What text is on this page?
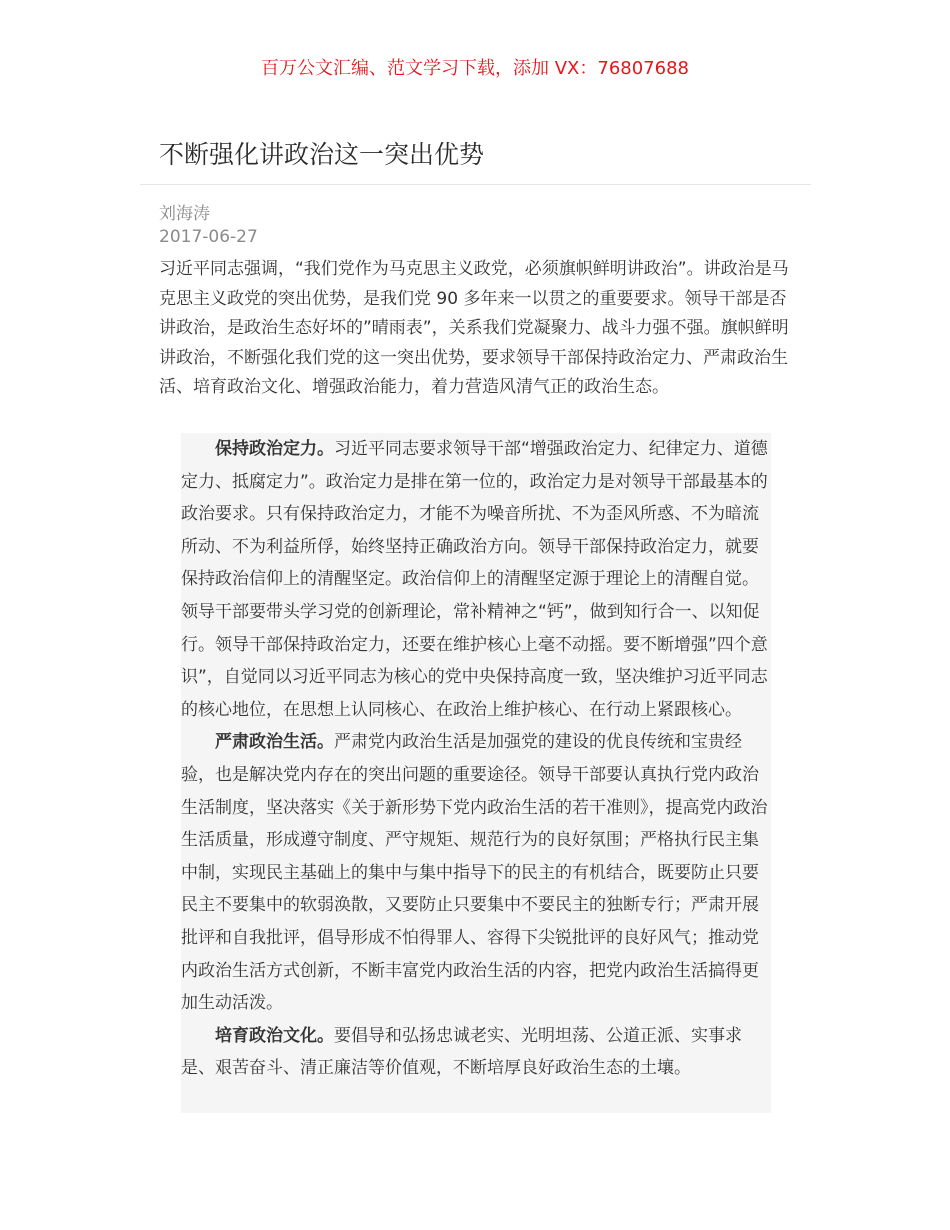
百万公文汇编、范文学习下载，添加 VX：76807688
不断强化讲政治这一突出优势
刘海涛
2017-06-27

习近平同志强调，“我们党作为马克思主义政党，必须旗帜鲜明讲政治”。讲政治是马克思主义政党的突出优势，是我们党 90 多年来一以贯之的重要要求。领导干部是否讲政治，是政治生态好坏的”晴雨表”，关系我们党凝聚力、战斗力强不强。旗帜鲜明讲政治，不断强化我们党的这一突出优势，要求领导干部保持政治定力、严肃政治生活、培育政治文化、增强政治能力，着力营造风清气正的政治生态。

保持政治定力。习近平同志要求领导干部“增强政治定力、纪律定力、道德定力、抵腐定力”。政治定力是排在第一位的，政治定力是对领导干部最基本的政治要求。只有保持政治定力，才能不为噪音所扰、不为歪风所惑、不为暗流所动、不为利益所俘，始终坚持正确政治方向。领导干部保持政治定力，就要保持政治信仰上的清醒坚定。政治信仰上的清醒坚定源于理论上的清醒自觉。领导干部要带头学习党的创新理论，常补精神之“钙”，做到知行合一、以知促行。领导干部保持政治定力，还要在维护核心上毫不动摇。要不断增强”四个意识”，自觉同以习近平同志为核心的党中央保持高度一致，坚决维护习近平同志的核心地位，在思想上认同核心、在政治上维护核心、在行动上紧跟核心。

严肃政治生活。严肃党内政治生活是加强党的建设的优良传统和宝贵经验，也是解决党内存在的突出问题的重要途径。领导干部要认真执行党内政治生活制度，坚决落实《关于新形势下党内政治生活的若干准则》，提高党内政治生活质量，形成遵守制度、严守规矩、规范行为的良好氛围；严格执行民主集中制，实现民主基础上的集中与集中指导下的民主的有机结合，既要防止只要民主不要集中的软弱涣散，又要防止只要集中不要民主的独断专行；严肃开展批评和自我批评，倡导形成不怕得罪人、容得下尖锐批评的良好风气；推动党内政治生活方式创新，不断丰富党内政治生活的内容，把党内政治生活搞得更加生动活泼。

培育政治文化。要倡导和弘扬忠诚老实、光明坦荡、公道正派、实事求是、艰苦奋斗、清正廉洁等价值观，不断培厚良好政治生态的土壤。
